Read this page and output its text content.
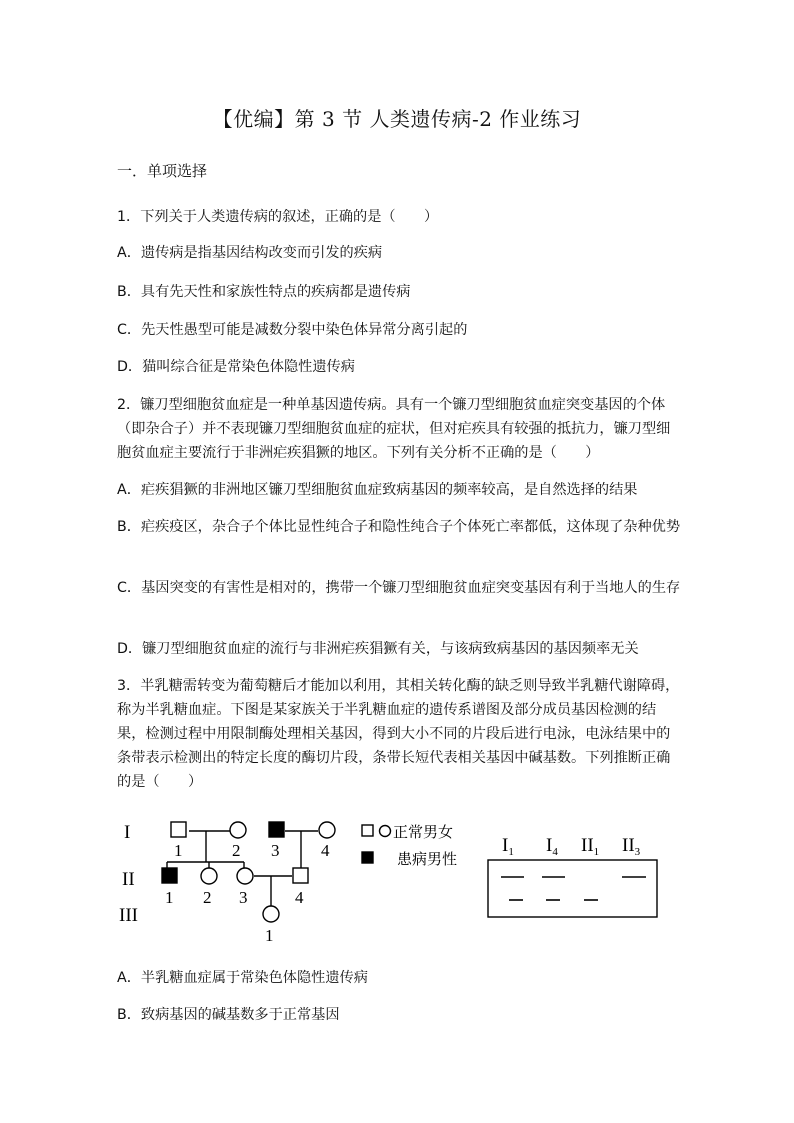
【优编】第 3 节 人类遗传病-2 作业练习
一．单项选择
1．下列关于人类遗传病的叙述，正确的是（　　）
A．遗传病是指基因结构改变而引发的疾病
B．具有先天性和家族性特点的疾病都是遗传病
C．先天性愚型可能是减数分裂中染色体异常分离引起的
D．猫叫综合征是常染色体隐性遗传病
2．镰刀型细胞贫血症是一种单基因遗传病。具有一个镰刀型细胞贫血症突变基因的个体（即杂合子）并不表现镰刀型细胞贫血症的症状，但对疟疾具有较强的抵抗力，镰刀型细胞贫血症主要流行于非洲疟疾猖獗的地区。下列有关分析不正确的是（　　）
A．疟疾猖獗的非洲地区镰刀型细胞贫血症致病基因的频率较高，是自然选择的结果
B．疟疾疫区，杂合子个体比显性纯合子和隐性纯合子个体死亡率都低，这体现了杂种优势
C．基因突变的有害性是相对的，携带一个镰刀型细胞贫血症突变基因有利于当地人的生存
D．镰刀型细胞贫血症的流行与非洲疟疾猖獗有关，与该病致病基因的基因频率无关
3．半乳糖需转变为葡萄糖后才能加以利用，其相关转化酶的缺乏则导致半乳糖代谢障碍，称为半乳糖血症。下图是某家族关于半乳糖血症的遗传系谱图及部分成员基因检测的结果，检测过程中用限制酶处理相关基因，得到大小不同的片段后进行电泳，电泳结果中的条带表示检测出的特定长度的酶切片段，条带长短代表相关基因中碱基数。下列推断正确的是（　　）
I
II
III
1	2 3 4
1 2 3	4
1
正常男女
患病男性
$I_1$ $I_4$ $II_1$ $II_3$
A．半乳糖血症属于常染色体隐性遗传病
B．致病基因的碱基数多于正常基因
